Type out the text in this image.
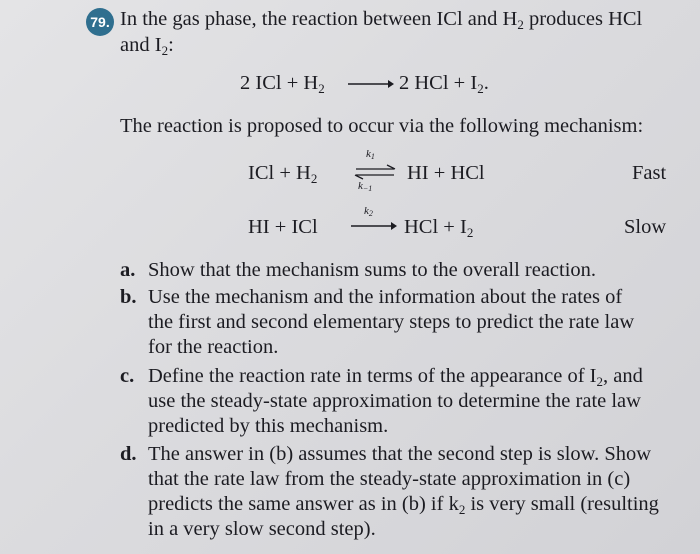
79. In the gas phase, the reaction between ICl and $H_2$ produces HCl
and $I_2$:
2 ICl + $H_2$	2 HCl + $I_2$.
The reaction is proposed to occur via the following mechanism:
ICl + $H_2$
$k_1$
$k_{-1}$
HI + HCl	Fast
HI + ICl
$k_2$
HCl + $I_2$	Slow
a. Show that the mechanism sums to the overall reaction.
b. Use the mechanism and the information about the rates of
the first and second elementary steps to predict the rate law
for the reaction.
c. Define the reaction rate in terms of the appearance of $I_2$, and
use the steady-state approximation to determine the rate law
predicted by this mechanism.
d. The answer in (b) assumes that the second step is slow. Show
that the rate law from the steady-state approximation in (c)
predicts the same answer as in (b) if $k_2$ is very small (resulting
in a very slow second step).
